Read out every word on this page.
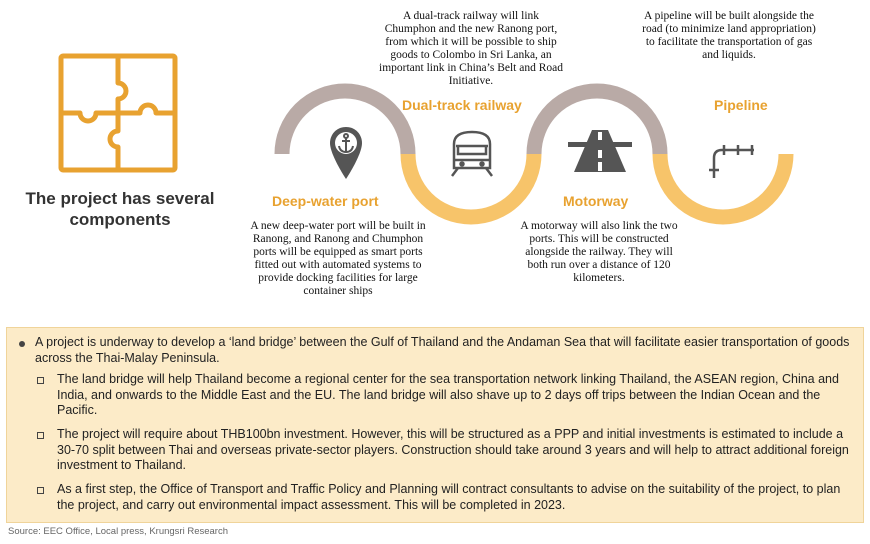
The project has several components
Deep-water port
Dual-track railway
Motorway
Pipeline
A new deep-water port will be built in Ranong, and Ranong and Chumphon ports will be equipped as smart ports fitted out with automated systems to provide docking facilities for large container ships
A dual-track railway will link Chumphon and the new Ranong port, from which it will be possible to ship goods to Colombo in Sri Lanka, an important link in China’s Belt and Road Initiative.
A motorway will also link the two ports. This will be constructed alongside the railway. They will both run over a distance of 120 kilometers.
A pipeline will be built alongside the road (to minimize land appropriation) to facilitate the transportation of gas and liquids.
A project is underway to develop a ‘land bridge’ between the Gulf of Thailand and the Andaman Sea that will facilitate easier transportation of goods across the Thai-Malay Peninsula.
The land bridge will help Thailand become a regional center for the sea transportation network linking Thailand, the ASEAN region, China and India, and onwards to the Middle East and the EU. The land bridge will also shave up to 2 days off trips between the Indian Ocean and the Pacific.
The project will require about THB100bn investment. However, this will be structured as a PPP and initial investments is estimated to include a 30-70 split between Thai and overseas private-sector players. Construction should take around 3 years and will help to attract additional foreign investment to Thailand.
As a first step, the Office of Transport and Traffic Policy and Planning will contract consultants to advise on the suitability of the project, to plan the project, and carry out environmental impact assessment. This will be completed in 2023.
Source: EEC Office, Local press, Krungsri Research
